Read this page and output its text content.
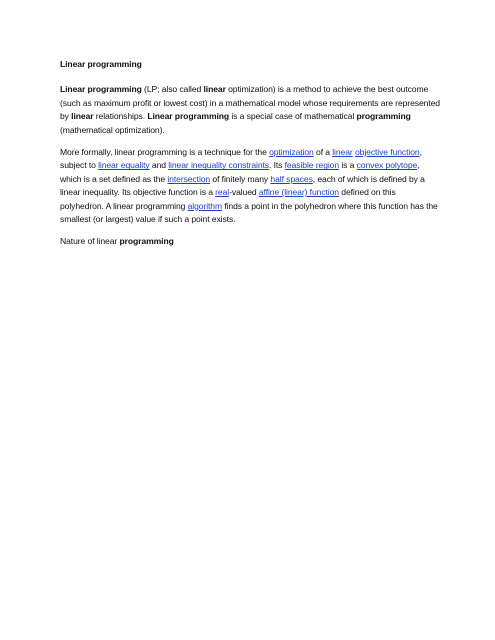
Linear programming

Linear programming (LP; also called linear optimization) is a method to achieve the best outcome (such as maximum profit or lowest cost) in a mathematical model whose requirements are represented by linear relationships. Linear programming is a special case of mathematical programming (mathematical optimization).

More formally, linear programming is a technique for the optimization of a linear objective function, subject to linear equality and linear inequality constraints. Its feasible region is a convex polytope, which is a set defined as the intersection of finitely many half spaces, each of which is defined by a linear inequality. Its objective function is a real-valued affine (linear) function defined on this polyhedron. A linear programming algorithm finds a point in the polyhedron where this function has the smallest (or largest) value if such a point exists.

Nature of linear programming
